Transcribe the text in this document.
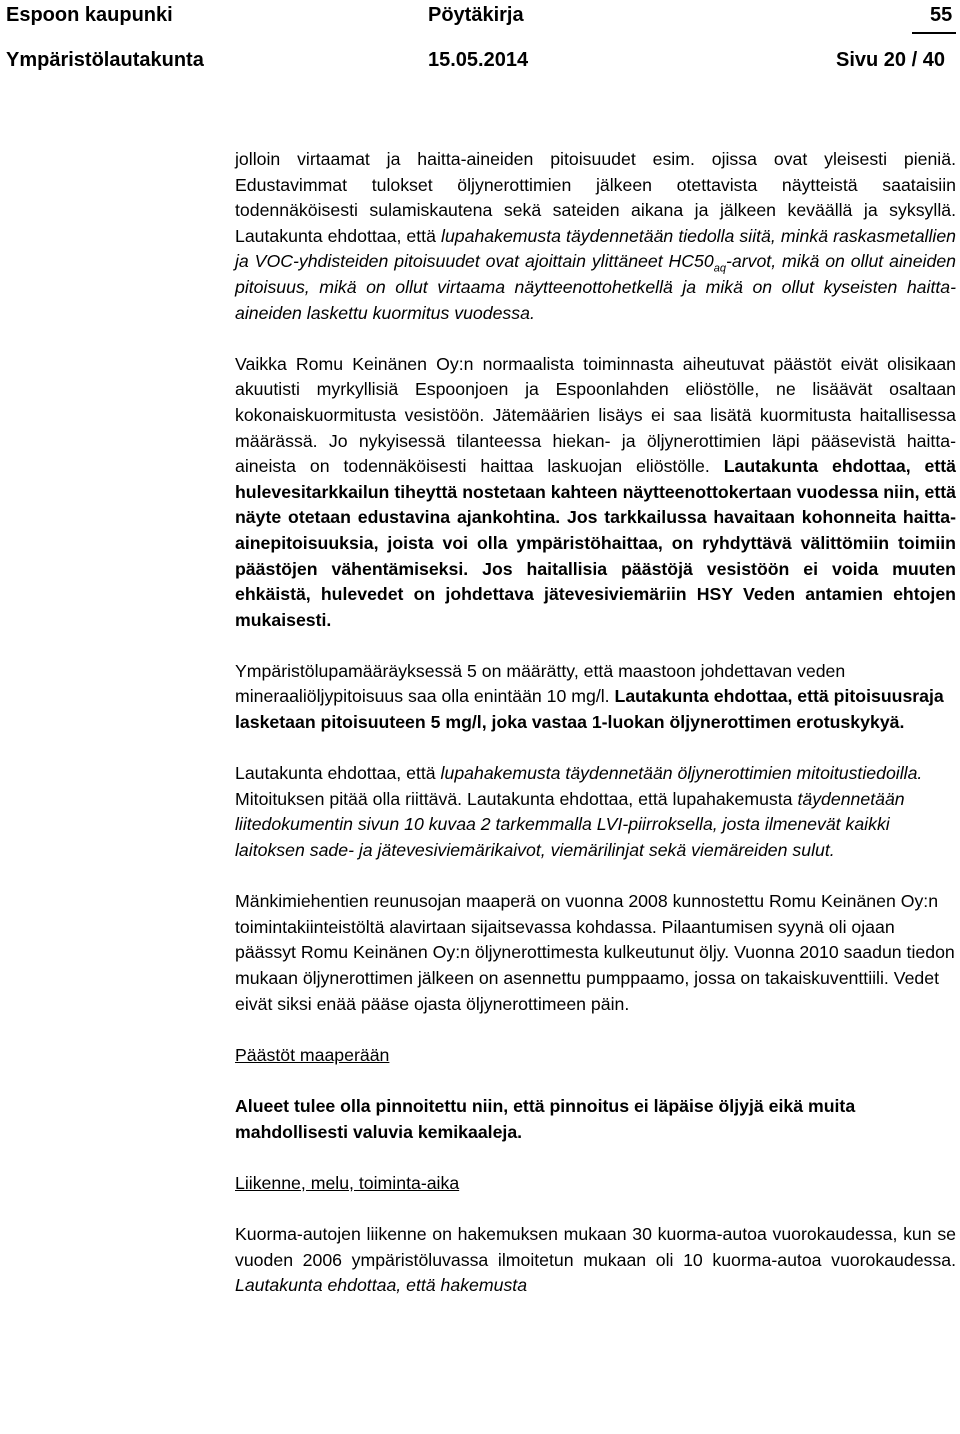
Espoon kaupunki	Pöytäkirja	55
Ympäristölautakunta	15.05.2014	Sivu 20 / 40

jolloin virtaamat ja haitta-aineiden pitoisuudet esim. ojissa ovat yleisesti pieniä. Edustavimmat tulokset öljynerottimien jälkeen otettavista näytteistä saataisiin todennäköisesti sulamiskautena sekä sateiden aikana ja jälkeen keväällä ja syksyllä. Lautakunta ehdottaa, että lupahakemusta täydennetään tiedolla siitä, minkä raskasmetallien ja VOC-yhdisteiden pitoisuudet ovat ajoittain ylittäneet $HC50_{aq}$-arvot, mikä on ollut aineiden pitoisuus, mikä on ollut virtaama näytteenottohetkellä ja mikä on ollut kyseisten haitta-aineiden laskettu kuormitus vuodessa.

Vaikka Romu Keinänen Oy:n normaalista toiminnasta aiheutuvat päästöt eivät olisikaan akuutisti myrkyllisiä Espoonjoen ja Espoonlahden eliöstölle, ne lisäävät osaltaan kokonaiskuormitusta vesistöön. Jätemäärien lisäys ei saa lisätä kuormitusta haitallisessa määrässä. Jo nykyisessä tilanteessa hiekan- ja öljynerottimien läpi pääsevistä haitta-aineista on todennäköisesti haittaa laskuojan eliöstölle. Lautakunta ehdottaa, että hulevesitarkkailun tiheyttä nostetaan kahteen näytteenottokertaan vuodessa niin, että näyte otetaan edustavina ajankohtina. Jos tarkkailussa havaitaan kohonneita haitta-ainepitoisuuksia, joista voi olla ympäristöhaittaa, on ryhdyttävä välittömiin toimiin päästöjen vähentämiseksi. Jos haitallisia päästöjä vesistöön ei voida muuten ehkäistä, hulevedet on johdettava jätevesiviemäriin HSY Veden antamien ehtojen mukaisesti.

Ympäristölupamääräyksessä 5 on määrätty, että maastoon johdettavan veden mineraaliöljypitoisuus saa olla enintään 10 mg/l. Lautakunta ehdottaa, että pitoisuusraja lasketaan pitoisuuteen 5 mg/l, joka vastaa 1-luokan öljynerottimen erotuskykyä.

Lautakunta ehdottaa, että lupahakemusta täydennetään öljynerottimien mitoitustiedoilla. Mitoituksen pitää olla riittävä. Lautakunta ehdottaa, että lupahakemusta täydennetään liitedokumentin sivun 10 kuvaa 2 tarkemmalla LVI-piirroksella, josta ilmenevät kaikki laitoksen sade- ja jätevesiviemärikaivot, viemärilinjat sekä viemäreiden sulut.

Mänkimiehentien reunusojan maaperä on vuonna 2008 kunnostettu Romu Keinänen Oy:n toimintakiinteistöltä alavirtaan sijaitsevassa kohdassa. Pilaantumisen syynä oli ojaan päässyt Romu Keinänen Oy:n öljynerottimesta kulkeutunut öljy. Vuonna 2010 saadun tiedon mukaan öljynerottimen jälkeen on asennettu pumppaamo, jossa on takaiskuventtiili. Vedet eivät siksi enää pääse ojasta öljynerottimeen päin.

Päästöt maaperään

Alueet tulee olla pinnoitettu niin, että pinnoitus ei läpäise öljyjä eikä muita mahdollisesti valuvia kemikaaleja.

Liikenne, melu, toiminta-aika

Kuorma-autojen liikenne on hakemuksen mukaan 30 kuorma-autoa vuorokaudessa, kun se vuoden 2006 ympäristöluvassa ilmoitetun mukaan oli 10 kuorma-autoa vuorokaudessa. Lautakunta ehdottaa, että hakemusta
